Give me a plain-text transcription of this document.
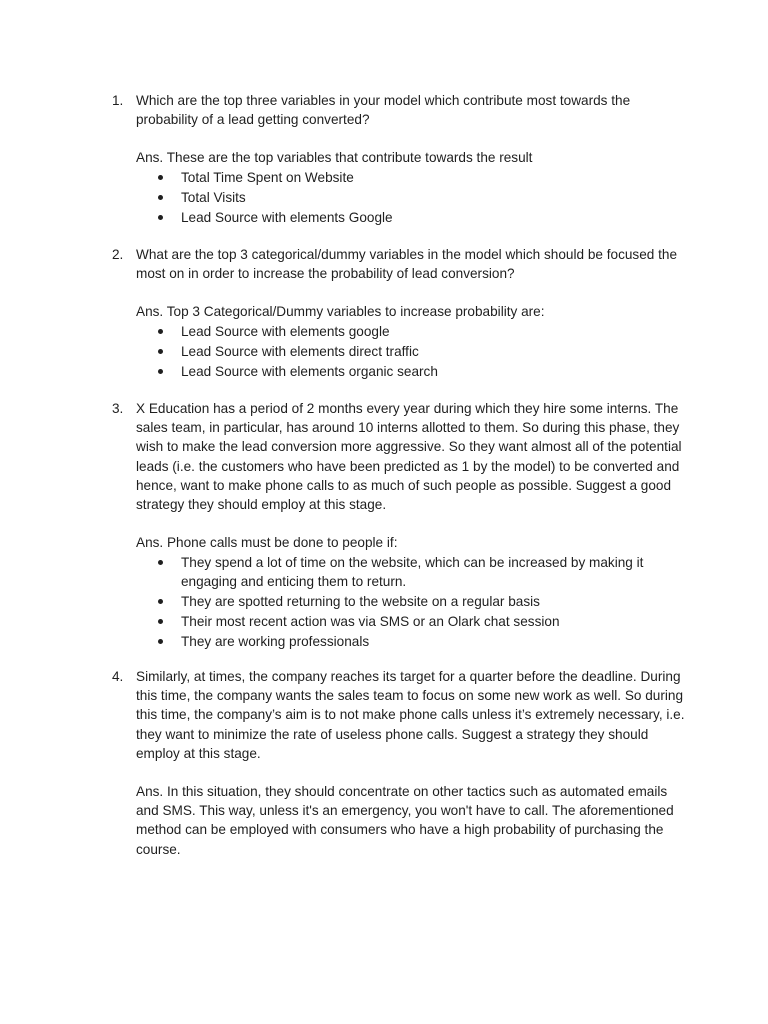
1. Which are the top three variables in your model which contribute most towards the probability of a lead getting converted?

Ans. These are the top variables that contribute towards the result

Total Time Spent on Website
Total Visits
Lead Source with elements Google
2. What are the top 3 categorical/dummy variables in the model which should be focused the most on in order to increase the probability of lead conversion?

Ans. Top 3 Categorical/Dummy variables to increase probability are:

Lead Source with elements google
Lead Source with elements direct traffic
Lead Source with elements organic search
3. X Education has a period of 2 months every year during which they hire some interns. The sales team, in particular, has around 10 interns allotted to them. So during this phase, they wish to make the lead conversion more aggressive. So they want almost all of the potential leads (i.e. the customers who have been predicted as 1 by the model) to be converted and hence, want to make phone calls to as much of such people as possible. Suggest a good strategy they should employ at this stage.

Ans. Phone calls must be done to people if:

They spend a lot of time on the website, which can be increased by making it engaging and enticing them to return.
They are spotted returning to the website on a regular basis
Their most recent action was via SMS or an Olark chat session
They are working professionals
4. Similarly, at times, the company reaches its target for a quarter before the deadline. During this time, the company wants the sales team to focus on some new work as well. So during this time, the company’s aim is to not make phone calls unless it’s extremely necessary, i.e. they want to minimize the rate of useless phone calls. Suggest a strategy they should employ at this stage.

Ans. In this situation, they should concentrate on other tactics such as automated emails and SMS. This way, unless it's an emergency, you won't have to call. The aforementioned method can be employed with consumers who have a high probability of purchasing the course.
